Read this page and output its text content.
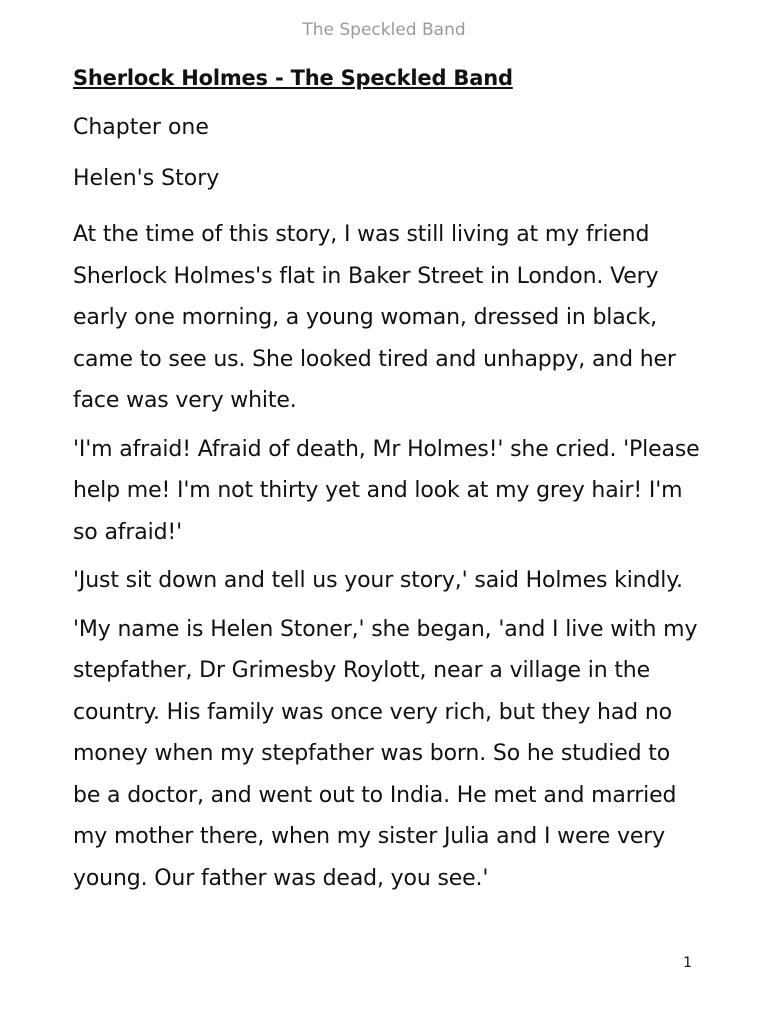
The Speckled Band
Sherlock Holmes - The Speckled Band
Chapter one
Helen's Story

At the time of this story, I was still living at my friend Sherlock Holmes's flat in Baker Street in London. Very early one morning, a young woman, dressed in black, came to see us. She looked tired and unhappy, and her face was very white.

'I'm afraid! Afraid of death, Mr Holmes!' she cried. 'Please help me! I'm not thirty yet and look at my grey hair! I'm so afraid!'

'Just sit down and tell us your story,' said Holmes kindly.

'My name is Helen Stoner,' she began, 'and I live with my stepfather, Dr Grimesby Roylott, near a village in the country. His family was once very rich, but they had no money when my stepfather was born. So he studied to be a doctor, and went out to India. He met and married my mother there, when my sister Julia and I were very young. Our father was dead, you see.'

1
